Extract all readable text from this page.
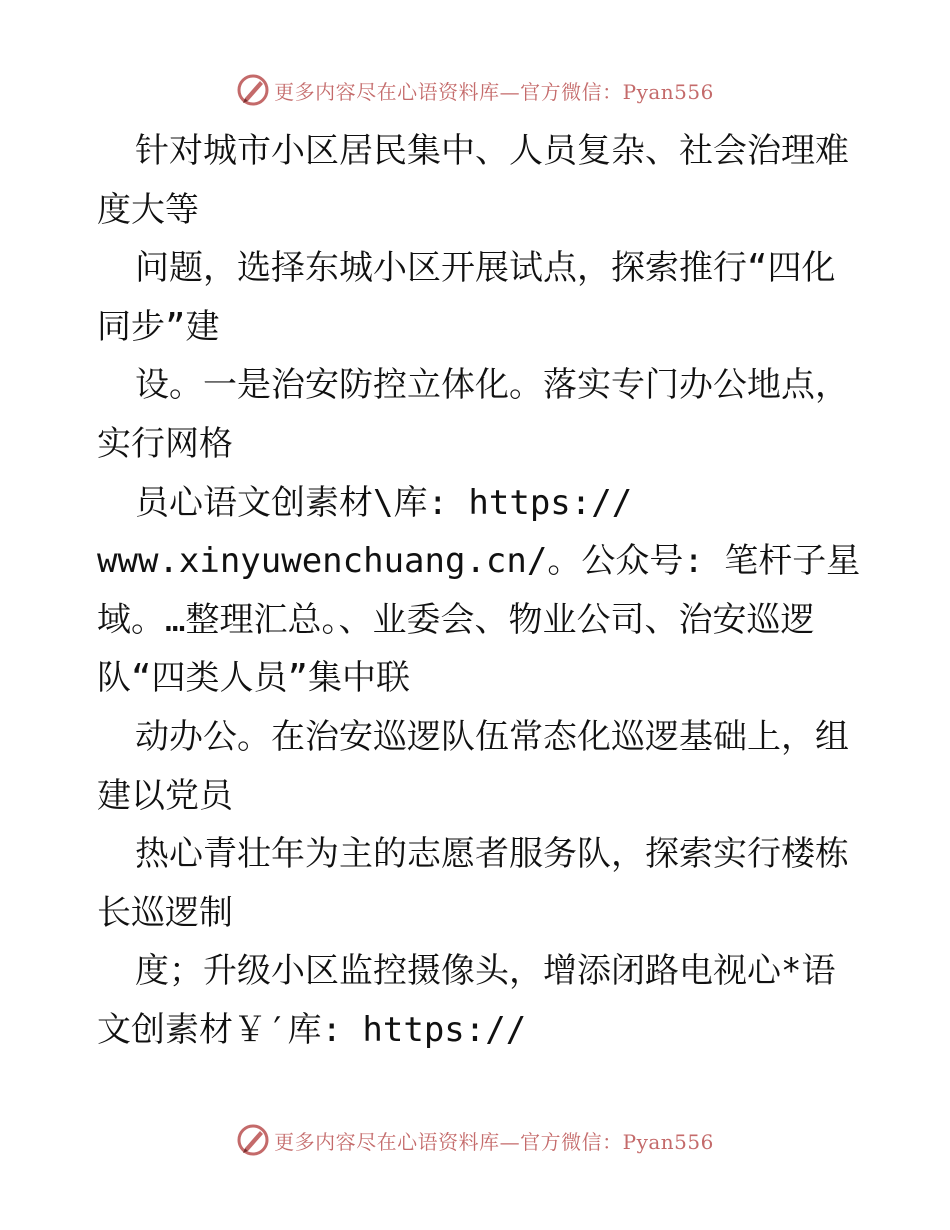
更多内容尽在心语资料库—官方微信：Pyan556
针对城市小区居民集中、人员复杂、社会治理难
度大等
问题，选择东城小区开展试点，探索推行“四化
同步”建
设。一是治安防控立体化。落实专门办公地点，
实行网格
员心语文创素材\库: https://
www.xinyuwenchuang.cn/。公众号: 笔杆子星
域。…整理汇总。、业委会、物业公司、治安巡逻
队“四类人员”集中联
动办公。在治安巡逻队伍常态化巡逻基础上，组
建以党员
热心青壮年为主的志愿者服务队，探索实行楼栋
长巡逻制
度；升级小区监控摄像头，增添闭路电视心*语
文创素材￥′库: https://
更多内容尽在心语资料库—官方微信：Pyan556
